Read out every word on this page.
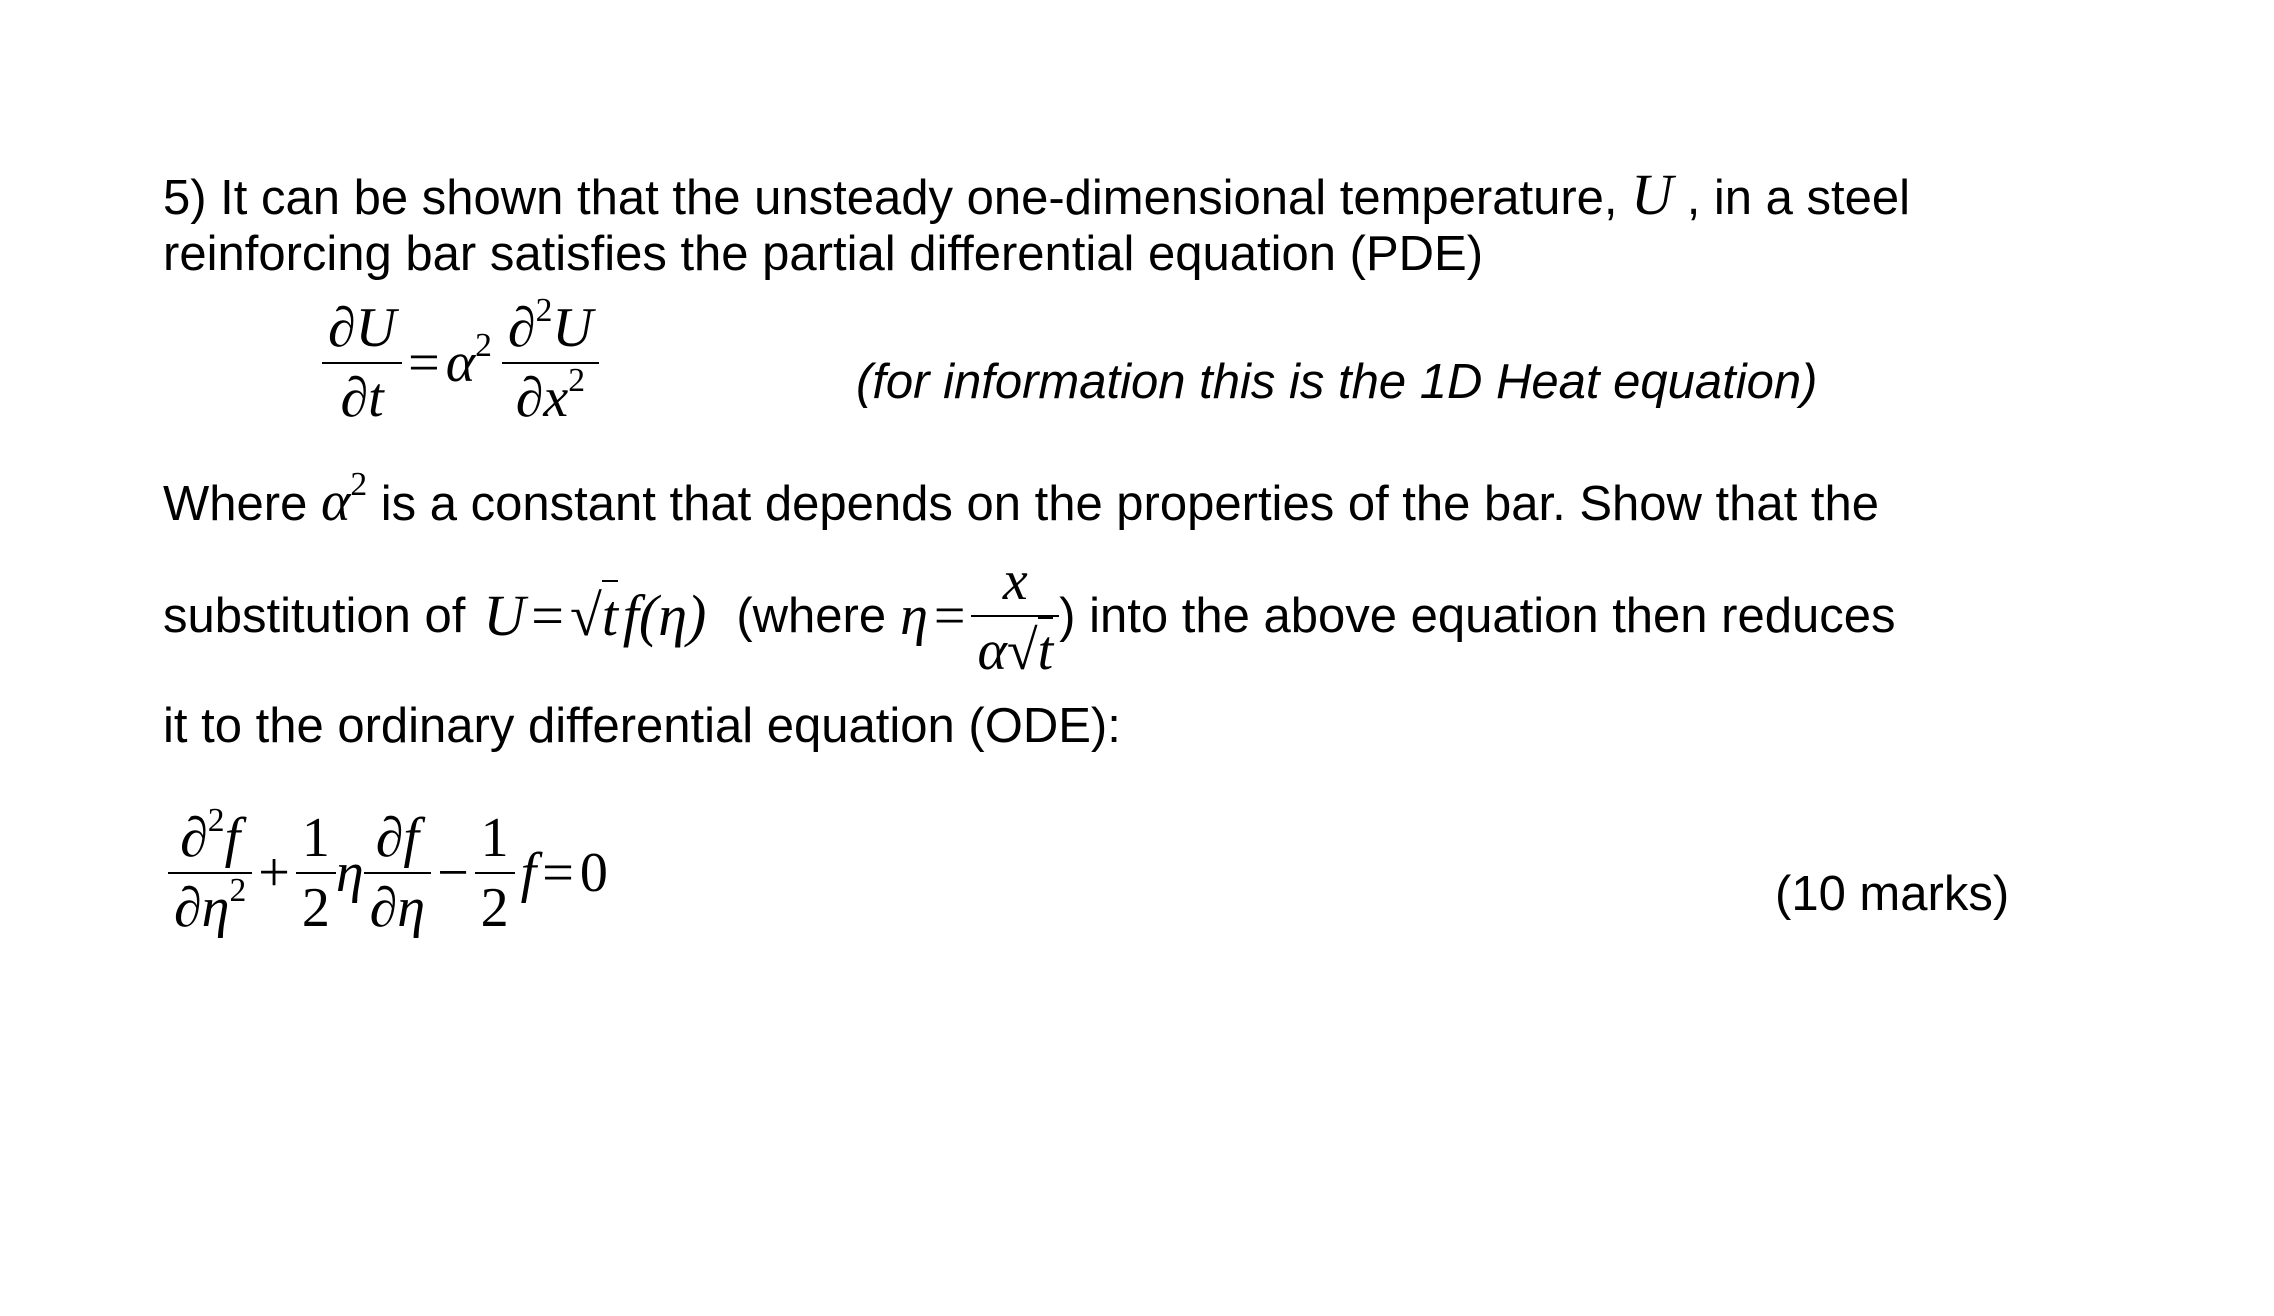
5) It can be shown that the unsteady one-dimensional temperature, U , in a steel
reinforcing bar satisfies the partial differential equation (PDE)
$\frac{\partial U}{\partial t} = \alpha^2 \frac{\partial^2U}{\partial x^2}$	(for information this is the 1D Heat equation)
Where $\alpha^2$ is a constant that depends on the properties of the bar. Show that the
substitution of U = √t f(η) (where $\eta = \frac{x}{\alpha√t}$ ) into the above equation then reduces
it to the ordinary differential equation (ODE):
$\frac{\partial^2f}{\partial\eta^2} + \frac{1}{2}$ η $\frac{\partial f}{\partial\eta} - \frac{1}{2}$ f = 0	(10 marks)
